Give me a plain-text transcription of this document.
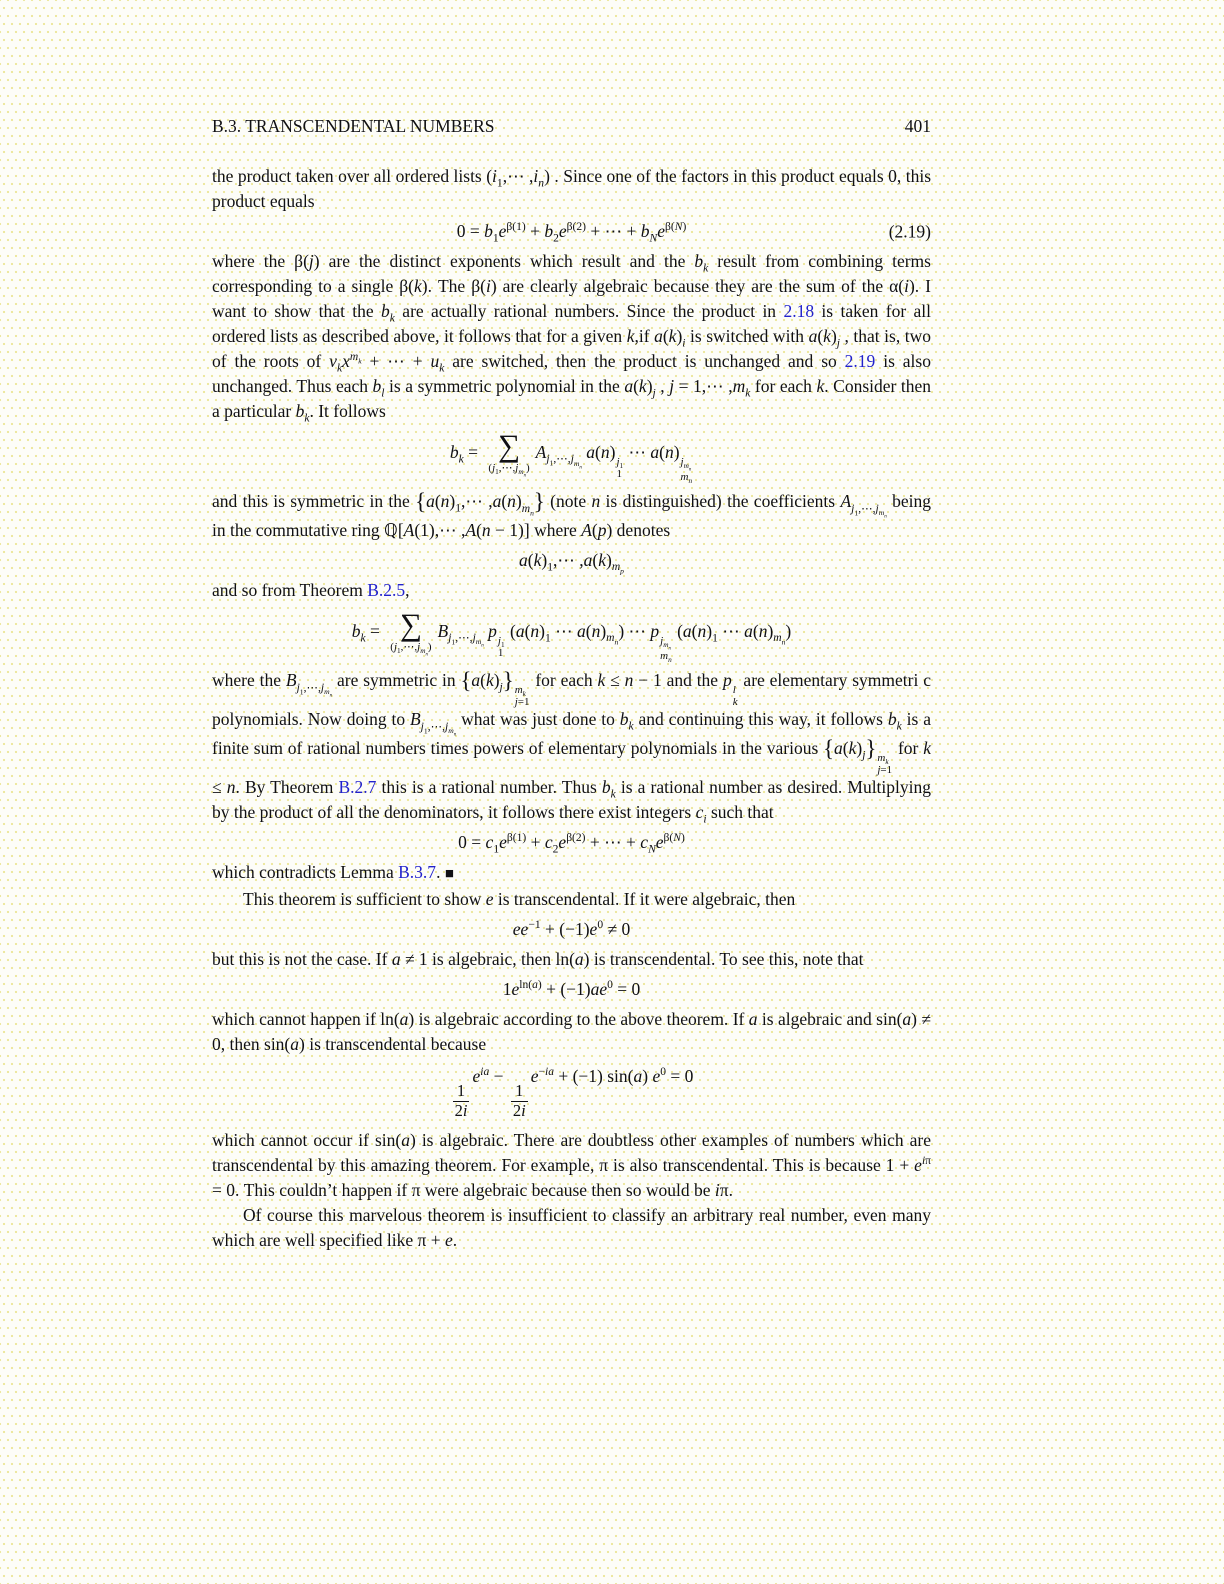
B.3. TRANSCENDENTAL NUMBERS	401

the product taken over all ordered lists ($i_1,\cdots$ $,i_n$) . Since one of the factors in this product equals 0, this product equals

$0 = b_1e^{\beta(1)} + b_2e^{\beta(2)}$ + ⋯ + $b_Ne^{\beta(N)}$	(2.19)

where the β(j) are the distinct exponents which result and the $b_k$ result from combining terms corresponding to a single β(k). The β(i) are clearly algebraic because they are the sum of the α(i). I want to show that the $b_k$ are actually rational numbers. Since the product in 2.18 is taken for all ordered lists as described above, it follows that for a given k,if $a(k)_i$ is switched with $a(k)_j$ , that is, two of the roots of $v_kx^{m_k}$ + ⋯ + $u_k$ are switched, then the product is unchanged and so 2.19 is also unchanged. Thus each $b_l$ is a symmetric polynomial in the $a(k)_j$ , j = 1,⋯ $,m_k$ for each k. Consider then a particular $b_k$. It follows

$b_k$ = ∑
$(j_1,\cdots,j_{m_n})$
$A_{j_1,\cdots,j_{m_n}}$ a(n) $j_1$
1
⋯ a(n) $j_{m_n}$
$m_n$

and this is symmetric in the {$a(n)_1,\cdots$ $,a(n)_{m_n}$} (note n is distinguished) the coefficients $A_{j_1,\cdots,j_{m_n}}$ being in the commutative ring ℚ[A(1),⋯ ,A(n − 1)] where A(p) denotes

$a(k)_1,\cdots$ $,a(k)_{m_p}$

and so from Theorem B.2.5,

$b_k$ = ∑
$(j_1,\cdots,j_{m_n})$
$B_{j_1,\cdots,j_{m_n}}$ p $j_1$
1
($a(n)_1$ ⋯ $a(n)_{m_n}$) ⋯ p $j_{m_n}$
$m_n$
($a(n)_1$ ⋯ $a(n)_{m_n}$)

where the $B_{j_1,\cdots,j_{m_n}}$ are symmetric in $\{a(k)_j\}$ $m_k$
j=1
for each k ≤ n − 1 and the p l
k
are elementary symmetri c polynomials. Now doing to $B_{j_1,\cdots,j_{m_n}}$ what was just done to $b_k$ and continuing this way, it follows $b_k$ is a finite sum of rational numbers times powers of elementary polynomials in the various $\{a(k)_j\}$ $m_k$
j=1
for k ≤ n. By Theorem B.2.7 this is a rational number. Thus $b_k$ is a rational number as desired. Multiplying by the product of all the denominators, it follows there exist integers $c_i$ such that

$0 = c_1e^{\beta(1)} + c_2e^{\beta(2)}$ + ⋯ + $c_Ne^{\beta(N)}$

which contradicts Lemma B.3.7. ■

This theorem is sufficient to show e is transcendental. If it were algebraic, then

$ee^{-1} + (-1)e^0 \ne 0$

but this is not the case. If a ≠ 1 is algebraic, then ln(a) is transcendental. To see this, note that

$1e^{ln(a)} + (-1)ae^0 = 0$

which cannot happen if ln(a) is algebraic according to the above theorem. If a is algebraic and sin(a) ≠ 0, then sin(a) is transcendental because

$\frac{1}{2i}$
$e^{ia}$ −
$\frac{1}{2i}$
$e^{-ia} + (-1)$ sin(a) $e^0 = 0$

which cannot occur if sin(a) is algebraic. There are doubtless other examples of numbers which are transcendental by this amazing theorem. For example, π is also transcendental. This is because $1 + e^{i\pi} = 0$. This couldn’t happen if π were algebraic because then so would be iπ.

Of course this marvelous theorem is insufficient to classify an arbitrary real number, even many which are well specified like π + e.
